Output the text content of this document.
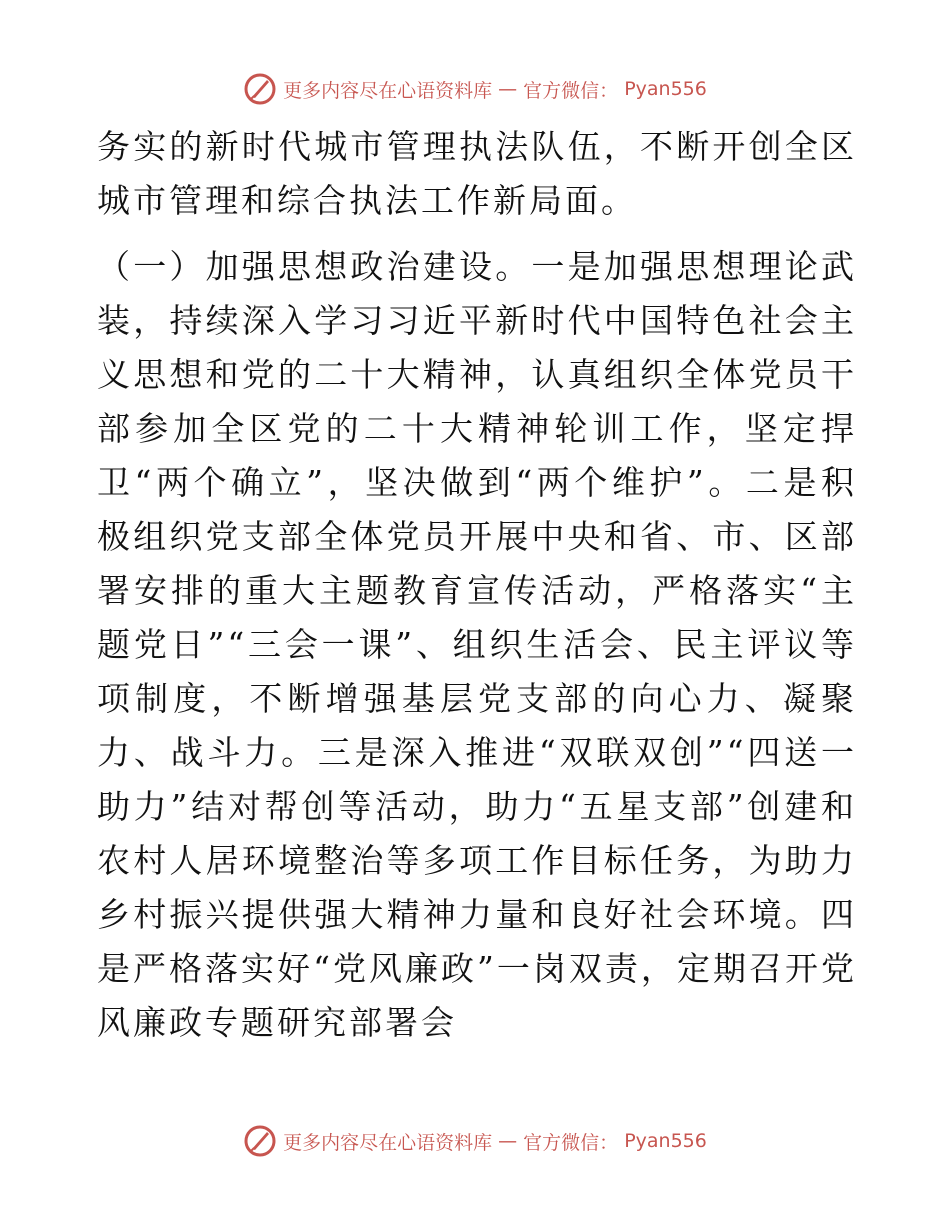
更多内容尽在心语资料库 — 官方微信： Pyan556

务实的新时代城市管理执法队伍，不断开创全区城市管理和综合执法工作新局面。

（一）加强思想政治建设。一是加强思想理论武装，持续深入学习习近平新时代中国特色社会主义思想和党的二十大精神，认真组织全体党员干部参加全区党的二十大精神轮训工作，坚定捍卫“两个确立”，坚决做到“两个维护”。二是积极组织党支部全体党员开展中央和省、市、区部署安排的重大主题教育宣传活动，严格落实“主题党日”“三会一课”、组织生活会、民主评议等项制度，不断增强基层党支部的向心力、凝聚力、战斗力。三是深入推进“双联双创”“四送一助力”结对帮创等活动，助力“五星支部”创建和农村人居环境整治等多项工作目标任务，为助力乡村振兴提供强大精神力量和良好社会环境。四是严格落实好“党风廉政”一岗双责，定期召开党风廉政专题研究部署会

更多内容尽在心语资料库 — 官方微信： Pyan556
